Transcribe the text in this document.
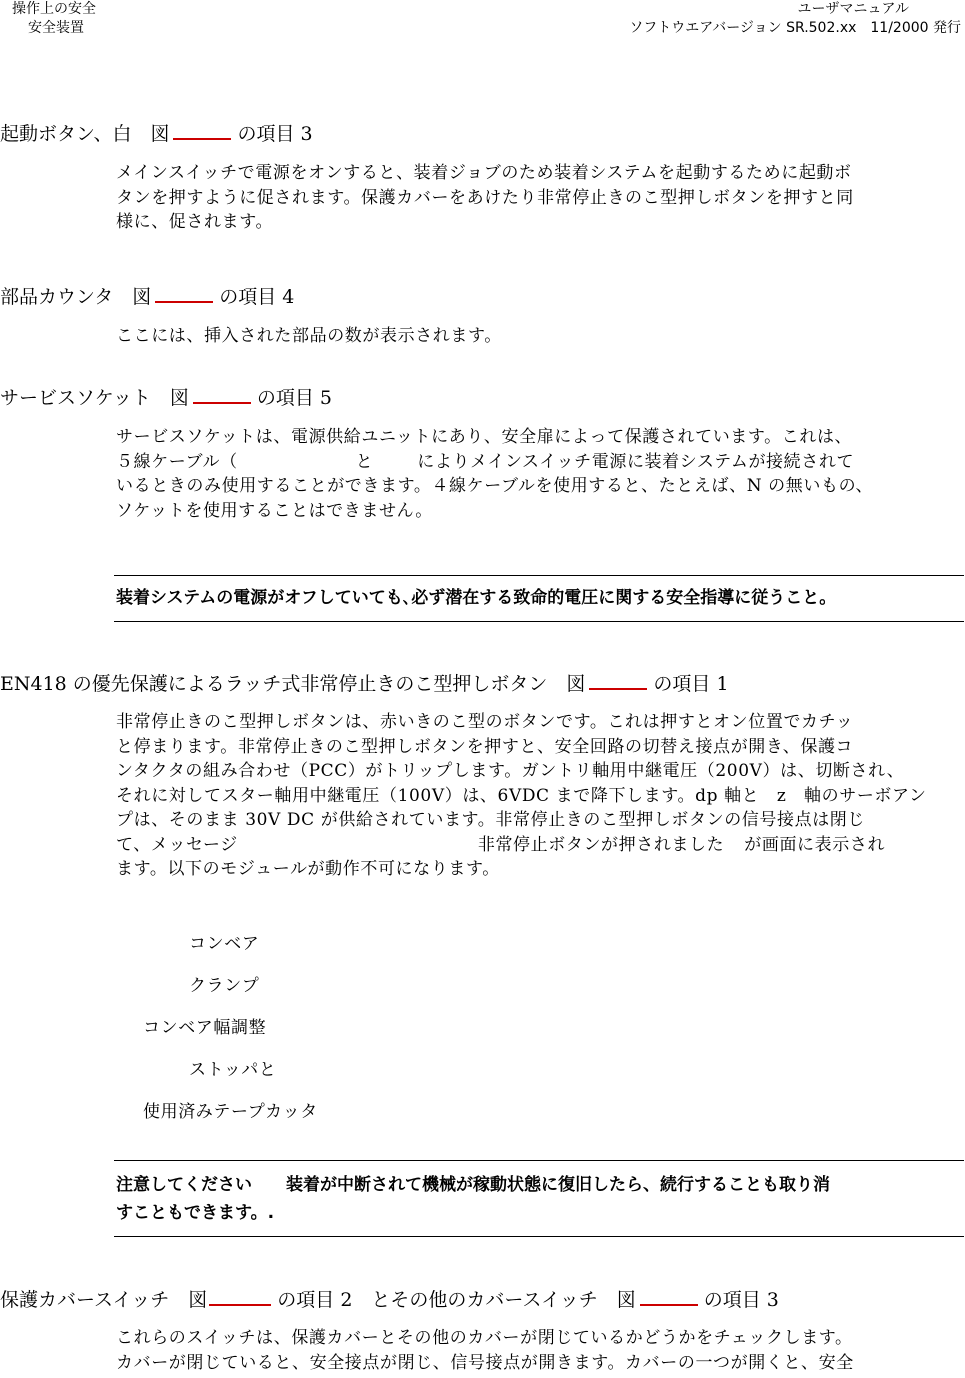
操作上の安全
安全装置
ユーザマニュアル
ソフトウエアバージョン SR.502.xx　11/2000 発行
起動ボタン、白　図	の項目 3
メインスイッチで電源をオンすると、装着ジョブのため装着システムを起動するために起動ボ
タンを押すように促されます。保護カバーをあけたり非常停止きのこ型押しボタンを押すと同
様に、促されます。
部品カウンタ　図	の項目 4
ここには、挿入された部品の数が表示されます。
サービスソケット　図	の項目 5
サービスソケットは、電源供給ユニットにあり、安全扉によって保護されています。これは、
５線ケーブル（	と	によりメインスイッチ電源に装着システムが接続されて
いるときのみ使用することができます。４線ケーブルを使用すると、たとえば、N の無いもの、
ソケットを使用することはできません。
装着システムの電源がオフしていても､必ず潜在する致命的電圧に関する安全指導に従うこと。
EN418 の優先保護によるラッチ式非常停止きのこ型押しボタン　図	の項目 1
非常停止きのこ型押しボタンは、赤いきのこ型のボタンです。これは押すとオン位置でカチッ
と停まります。非常停止きのこ型押しボタンを押すと、安全回路の切替え接点が開き、保護コ
ンタクタの組み合わせ（PCC）がトリップします。ガントリ軸用中継電圧（200V）は、切断され、
それに対してスター軸用中継電圧（100V）は、6VDC まで降下します。dp 軸と　z　軸のサーボアン
プは、そのまま 30V DC が供給されています。非常停止きのこ型押しボタンの信号接点は閉じ
て、メッセージ	非常停止ボタンが押されました が画面に表示され
ます。以下のモジュールが動作不可になります。
コンベア
クランプ
コンベア幅調整
ストッパと
使用済みテープカッタ
注意してください 装着が中断されて機械が稼動状態に復旧したら、続行することも取り消
すこともできます。.
保護カバースイッチ　図	の項目 2　とその他のカバースイッチ　図	の項目 3
これらのスイッチは、保護カバーとその他のカバーが閉じているかどうかをチェックします。
カバーが閉じていると、安全接点が閉じ、信号接点が開きます。カバーの一つが開くと、安全
